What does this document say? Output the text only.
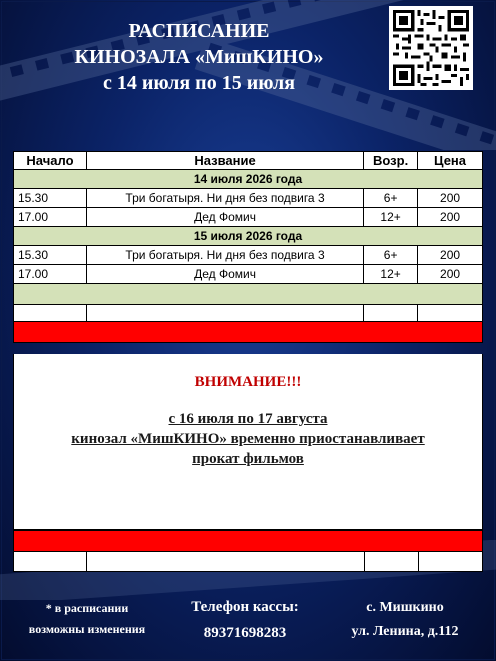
РАСПИСАНИЕ
КИНОЗАЛА «МишКИНО»
с 14 июля по 15 июля
Начало	Название	Возр.	Цена
14 июля 2026 года			
15.30	Три богатыря. Ни дня без подвига 3	6+	200
17.00	Дед Фомич	12+	200
15 июля 2026 года			
15.30	Три богатыря. Ни дня без подвига 3	6+	200
17.00	Дед Фомич	12+	200

ВНИМАНИЕ!!!
с 16 июля по 17 августа
кинозал «МишКИНО» временно приостанавливает
прокат фильмов
* в расписании
возможны изменения
Телефон кассы:
89371698283
с. Мишкино
ул. Ленина, д.112
